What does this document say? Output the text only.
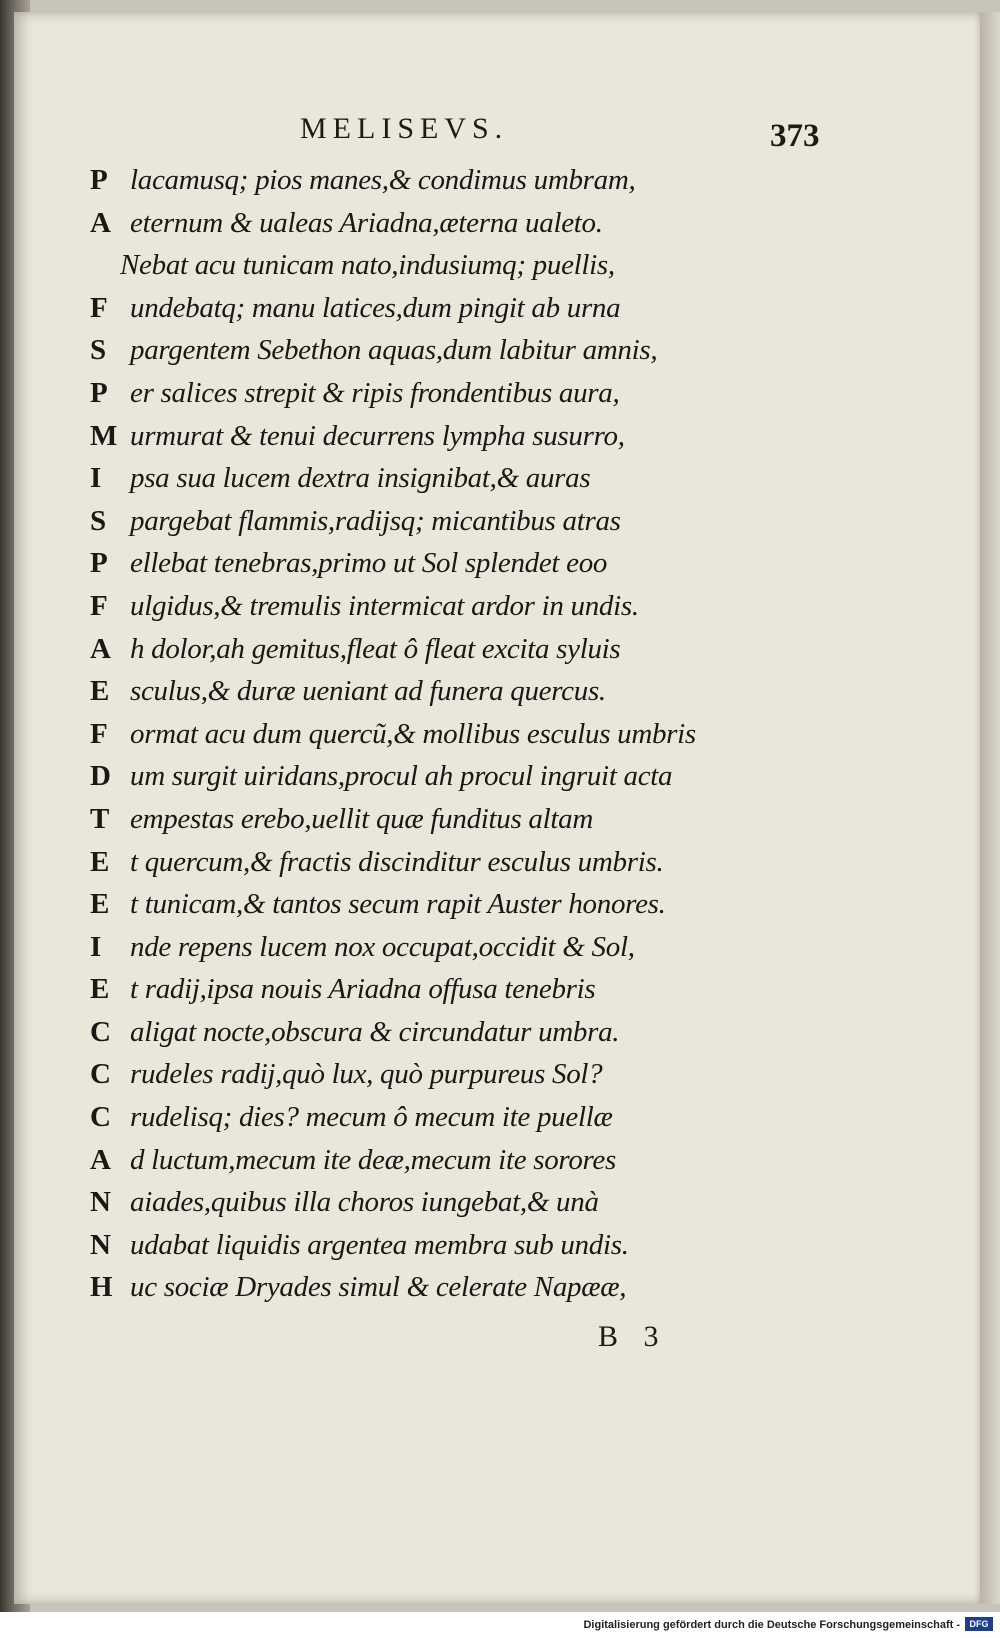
MELISEVS.	373
P lacamusq; pios manes,& condimus umbram,
A eternum & ualeas Ariadna,æterna ualeto.
Nebat acu tunicam nato,indusiumq; puellis,
F undebatq; manu latices,dum pingit ab urna
S pargentem Sebethon aquas,dum labitur amnis,
P er salices strepit & ripis frondentibus aura,
M urmurat & tenui decurrens lympha susurro,
I psa sua lucem dextra insignibat,& auras
S pargebat flammis,radijsq; micantibus atras
P ellebat tenebras,primo ut Sol splendet eoo
F ulgidus,& tremulis intermicat ardor in undis.
A h dolor,ah gemitus,fleat ô fleat excita syluis
E sculus,& duræ ueniant ad funera quercus.
F ormat acu dum quercũ,& mollibus esculus umbris
D um surgit uiridans,procul ah procul ingruit acta
T empestas erebo,uellit quæ funditus altam
E t quercum,& fractis discinditur esculus umbris.
E t tunicam,& tantos secum rapit Auster honores.
I nde repens lucem nox occupat,occidit & Sol,
E t radij,ipsa nouis Ariadna offusa tenebris
C aligat nocte,obscura & circundatur umbra.
C rudeles radij,quò lux, quò purpureus Sol?
C rudelisq; dies? mecum ô mecum ite puellæ
A d luctum,mecum ite deæ,mecum ite sorores
N aiades,quibus illa choros iungebat,& unà
N udabat liquidis argentea membra sub undis.
H uc sociæ Dryades simul & celerate Napææ,
B 3
Digitalisierung gefördert durch die Deutsche Forschungsgemeinschaft -	DFG
